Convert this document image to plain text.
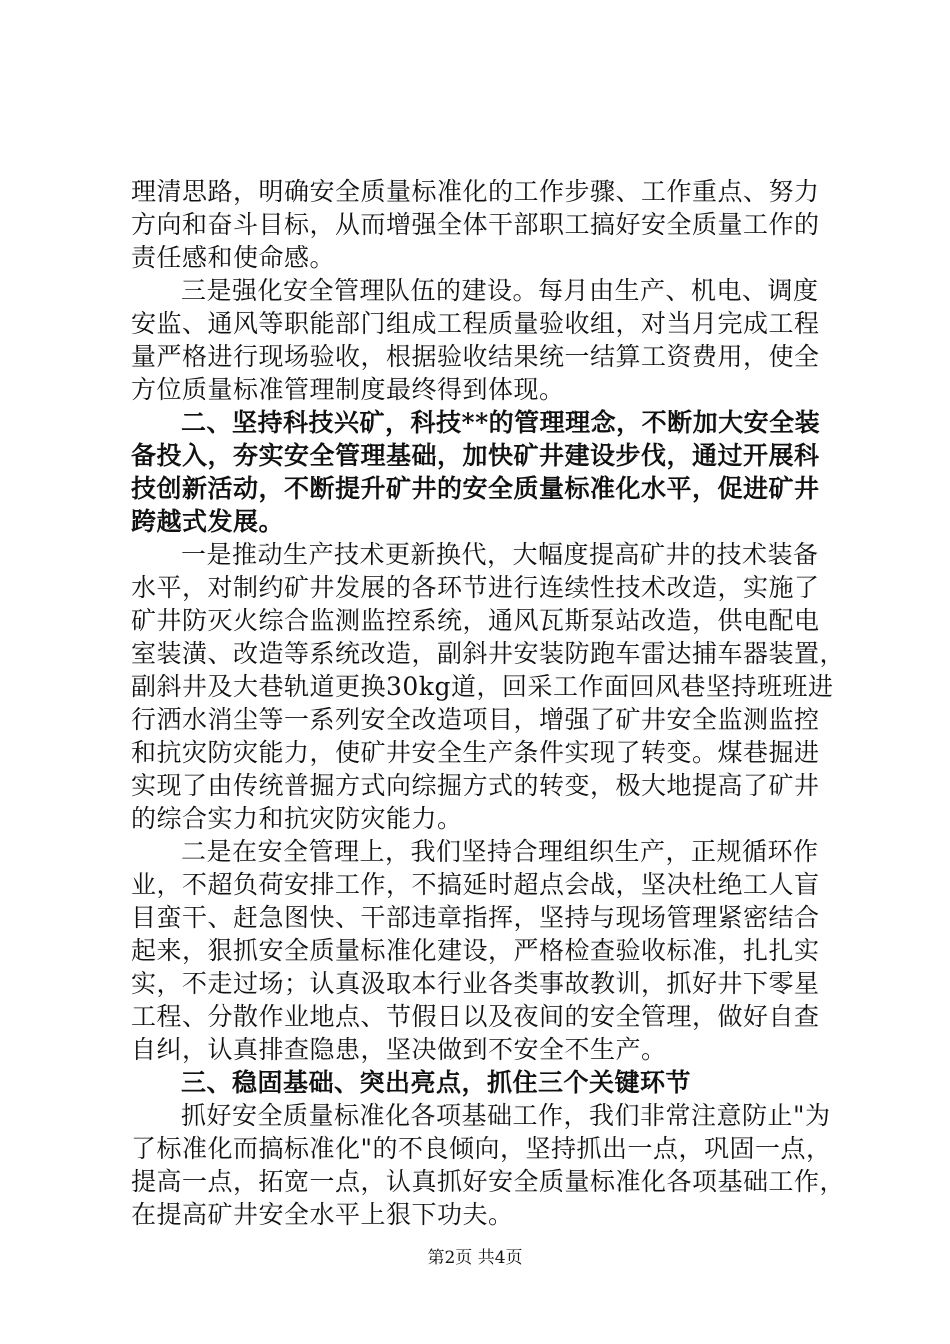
理清思路，明确安全质量标准化的工作步骤、工作重点、努力
方向和奋斗目标，从而增强全体干部职工搞好安全质量工作的
责任感和使命感。
三是强化安全管理队伍的建设。每月由生产、机电、调度
安监、通风等职能部门组成工程质量验收组，对当月完成工程
量严格进行现场验收，根据验收结果统一结算工资费用，使全
方位质量标准管理制度最终得到体现。
二、坚持科技兴矿，科技**的管理理念，不断加大安全装
备投入，夯实安全管理基础，加快矿井建设步伐，通过开展科
技创新活动，不断提升矿井的安全质量标准化水平，促进矿井
跨越式发展。
一是推动生产技术更新换代，大幅度提高矿井的技术装备
水平，对制约矿井发展的各环节进行连续性技术改造，实施了
矿井防灭火综合监测监控系统，通风瓦斯泵站改造，供电配电
室装潢、改造等系统改造，副斜井安装防跑车雷达捕车器装置，
副斜井及大巷轨道更换30kg道，回采工作面回风巷坚持班班进
行洒水消尘等一系列安全改造项目，增强了矿井安全监测监控
和抗灾防灾能力，使矿井安全生产条件实现了转变。煤巷掘进
实现了由传统普掘方式向综掘方式的转变，极大地提高了矿井
的综合实力和抗灾防灾能力。
二是在安全管理上，我们坚持合理组织生产，正规循环作
业，不超负荷安排工作，不搞延时超点会战，坚决杜绝工人盲
目蛮干、赶急图快、干部违章指挥，坚持与现场管理紧密结合
起来，狠抓安全质量标准化建设，严格检查验收标准，扎扎实
实，不走过场；认真汲取本行业各类事故教训，抓好井下零星
工程、分散作业地点、节假日以及夜间的安全管理，做好自查
自纠，认真排查隐患，坚决做到不安全不生产。
三、稳固基础、突出亮点，抓住三个关键环节
抓好安全质量标准化各项基础工作，我们非常注意防止"为
了标准化而搞标准化"的不良倾向，坚持抓出一点，巩固一点，
提高一点，拓宽一点，认真抓好安全质量标准化各项基础工作，
在提高矿井安全水平上狠下功夫。
第2页 共4页
